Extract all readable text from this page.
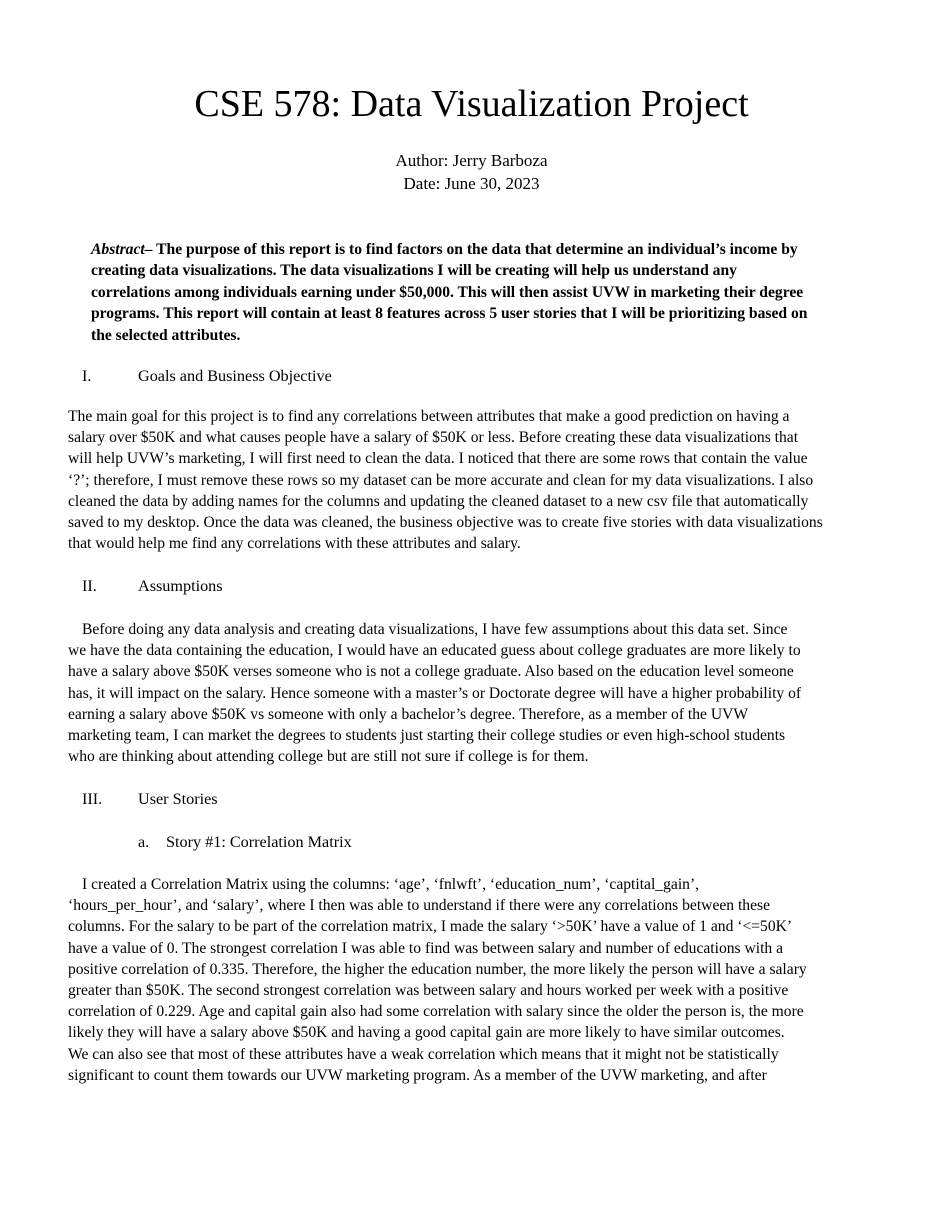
CSE 578: Data Visualization Project
Author: Jerry Barboza
Date: June 30, 2023

Abstract– The purpose of this report is to find factors on the data that determine an individual’s income by
creating data visualizations. The data visualizations I will be creating will help us understand any
correlations among individuals earning under $50,000. This will then assist UVW in marketing their degree
programs. This report will contain at least 8 features across 5 user stories that I will be prioritizing based on
the selected attributes.

I.	Goals and Business Objective

The main goal for this project is to find any correlations between attributes that make a good prediction on having a
salary over $50K and what causes people have a salary of $50K or less. Before creating these data visualizations that
will help UVW’s marketing, I will first need to clean the data. I noticed that there are some rows that contain the value
‘?’; therefore, I must remove these rows so my dataset can be more accurate and clean for my data visualizations. I also
cleaned the data by adding names for the columns and updating the cleaned dataset to a new csv file that automatically
saved to my desktop. Once the data was cleaned, the business objective was to create five stories with data visualizations
that would help me find any correlations with these attributes and salary.

II.	Assumptions

Before doing any data analysis and creating data visualizations, I have few assumptions about this data set. Since
we have the data containing the education, I would have an educated guess about college graduates are more likely to
have a salary above $50K verses someone who is not a college graduate. Also based on the education level someone
has, it will impact on the salary. Hence someone with a master’s or Doctorate degree will have a higher probability of
earning a salary above $50K vs someone with only a bachelor’s degree. Therefore, as a member of the UVW
marketing team, I can market the degrees to students just starting their college studies or even high-school students
who are thinking about attending college but are still not sure if college is for them.

III. User Stories
a. Story #1: Correlation Matrix

I created a Correlation Matrix using the columns: ‘age’, ‘fnlwft’, ‘education_num’, ‘captital_gain’,
‘hours_per_hour’, and ‘salary’, where I then was able to understand if there were any correlations between these
columns. For the salary to be part of the correlation matrix, I made the salary ‘>50K’ have a value of 1 and ‘<=50K’
have a value of 0. The strongest correlation I was able to find was between salary and number of educations with a
positive correlation of 0.335. Therefore, the higher the education number, the more likely the person will have a salary
greater than $50K. The second strongest correlation was between salary and hours worked per week with a positive
correlation of 0.229. Age and capital gain also had some correlation with salary since the older the person is, the more
likely they will have a salary above $50K and having a good capital gain are more likely to have similar outcomes.
We can also see that most of these attributes have a weak correlation which means that it might not be statistically
significant to count them towards our UVW marketing program. As a member of the UVW marketing, and after
